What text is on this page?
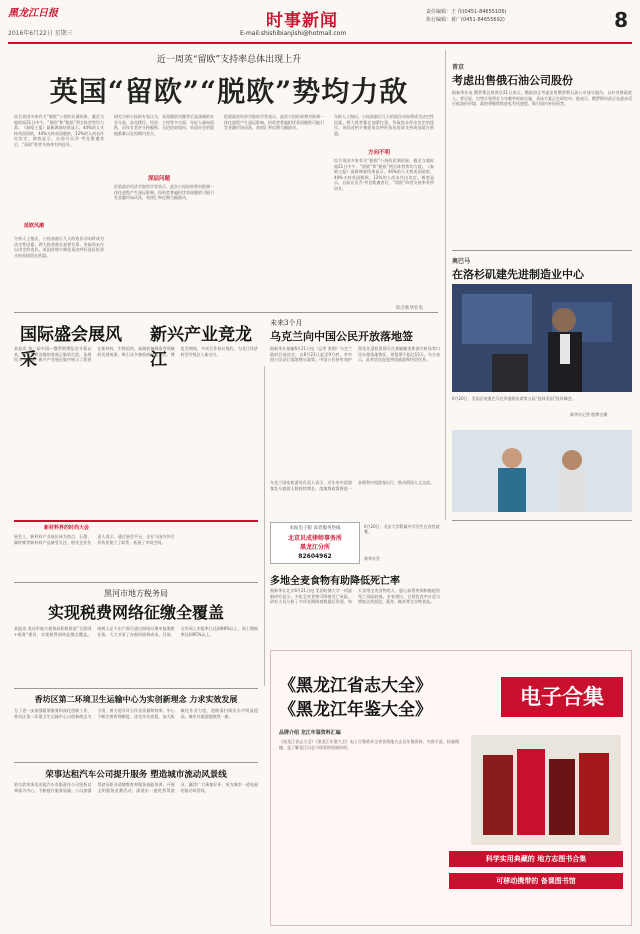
黑龙江日报
2016年6月22日 星期三
时事新闻
E-mail:shishibianjishi@hotmail.com
责任编辑：王 伟(0451-84655106)
执行编辑：黄广(0451-84655692)	8
近一周英“留欧”支持率总体出现上升
英国“留欧”“脱欧”势均力敌
综合英国多家有关“脱欧”公投的民调结果，截至当地时间21日中午，“留欧”和“脱欧”两方阵营势均力敌。《泰晤士报》最新调查结果显示，44%的人支持英国留欧，44%支持英国脱欧，12%的人尚未作出决定。调查显示，自前议员乔·考克斯遇害后，“留欧”阵营支持率有所回升。
延欧风潮
分析人士指出，公投前最后几天的选民动向将成为决定性因素。两大阵营都在加紧拉票，争取尚未作出决定的选民。英国首相卡梅伦再次呼吁选民投票支持英国留在欧盟。
研究分析公投的专家认为，英国脱欧问题背后是深刻的社会分歧，涉及移民、经济、主权等多方面，年轻人倾向留欧，而年长者更支持脱欧。无论结果如何，英国社会的裂痕都难以在短期内弥合。
深层问题
伦敦政治经济学院的学者表示，此次公投结果将对欧洲一体化进程产生深远影响。投资者普遍担忧英国脱欧可能引发金融市场动荡，英镑汇率近期大幅波动。
伦敦政治经济学院的学者表示，此次公投结果将对欧洲一体化进程产生深远影响。投资者普遍担忧英国脱欧可能引发金融市场动荡，英镑汇率近期大幅波动。
分析人士指出，公投前最后几天的选民动向将成为决定性因素。两大阵营都在加紧拉票，争取尚未作出决定的选民。英国首相卡梅伦再次呼吁选民投票支持英国留在欧盟。
方向不明
综合英国多家有关“脱欧”公投的民调结果，截至当地时间21日中午，“留欧”和“脱欧”两方阵营势均力敌。《泰晤士报》最新调查结果显示，44%的人支持英国留欧，44%支持英国脱欧，12%的人尚未作出决定。调查显示，自前议员乔·考克斯遇害后，“留欧”阵营支持率有所回升。
综合新华社电
普京
考虑出售俄石油公司股份
据新华社电 俄罗斯总统普京21日表示，俄政府正考虑出售俄罗斯石油公司部分股份，以补充财政收入。普京说，出售计划将在今年晚些时候实施，具体方案正在研究中。他表示，俄罗斯经济正在逐步适应低油价环境，政府将继续推进私有化进程，吸引国内外投资者。
奥巴马
在洛杉矶建先进制造业中心
6月20日，美国总统奥巴马在华盛顿出席第五届“选择美国”投资峰会。
新华社记者 殷博古摄
国际盛会展风采
新兴产业竞龙江
本报讯 第三届中国—俄罗斯博览会开幕以来，来自世界各地的客商云集哈尔滨，各展馆人气旺盛。新兴产业展区集中展示了我省在新材料、生物医药、高端装备制造等领域的发展成果，吸引众多参展商洽谈合作。博览会期间，多项合作协议签约，为龙江经济转型升级注入新动力。
新材料界的时尚大会
展会上，新材料产业展区成为焦点，石墨、碳纤维等新材料产品备受关注。相关企业负责人表示，通过展会平台，企业与国内外合作伙伴建立了联系，拓展了市场空间。
未来3个月
乌克兰向中国公民开放落地签
据新华社基辅6月21日电（记者 张朔）乌克兰政府日前决定，自6月21日起至9月底，对中国公民试行落地签证政策。中国公民持有效护照及往返机票即可在基辅鲍里斯波尔机场等口岸办理落地签证，停留期不超过15天。乌方表示，此举旨在促进两国旅游和经贸往来。
乌克兰国家旅游局负责人表示，近年来中国游客赴乌旅游人数持续增长，落地签政策将进一步便利中国游客出行，推动两国人文交流。
本报电子版 读者服务热线
北京贝成律师事务所
黑龙江分所
82604962
6月20日，北京大学附属中学学生在食堂就餐。
新华社发
多地全麦食物有助降低死亡率
据新华社北京6月21日电 美国哈佛大学一项最新研究显示，多吃全麦食物可降低死亡风险。研究人员分析了多项长期调查数据后发现，每天食用全麦食物的人，患心血管疾病和癌症的死亡风险较低。专家建议，日常饮食中应适当增加全麦面包、燕麦、糙米等全谷物食品。
黑河市地方税务局
实现税费网络征缴全覆盖
本报讯 黑河市地方税务局积极推进“互联网+税务”建设，实现税费网络征缴全覆盖。纳税人足不出户即可通过网络办理申报缴税业务，大大节省了办税时间和成本。目前，全市网上申报率已达到98%以上，网上缴税率达到95%以上。
香坊区第二环境卫生运输中心为实创新理念 力求实效发展
为了进一步加强精准服务和深化创新工作，香坊区第二环境卫生运输中心以创新理念为引领，着力提升环卫作业质量和效率。中心不断完善管理制度，优化作业流程，加大机械化作业力度，道路清扫保洁水平明显提高，城市环境面貌焕然一新。
荣事达租汽车公司提升服务 塑造城市流动风景线
哈尔滨荣事达出租汽车有限责任公司坚持以乘客为中心，不断提升服务质量。公司加强驾驶员职业道德教育和服务技能培训，开展文明服务竞赛活动，涌现出一批优秀驾驶员，赢得广大乘客好评，成为城市一道亮丽的流动风景线。
《黑龙江省志大全》
《黑龙江年鉴大全》
电子合集
品牌介绍 龙江年鉴资料汇编
《黑龙江省志大全》《黑龙江年鉴大全》电子合集收录全省各级地方志及年鉴资料，内容丰富，检索便捷，是了解龙江历史与现状的权威资料。
科学实用典藏的 地方志图书合集
可移动携带的 备课图书馆
